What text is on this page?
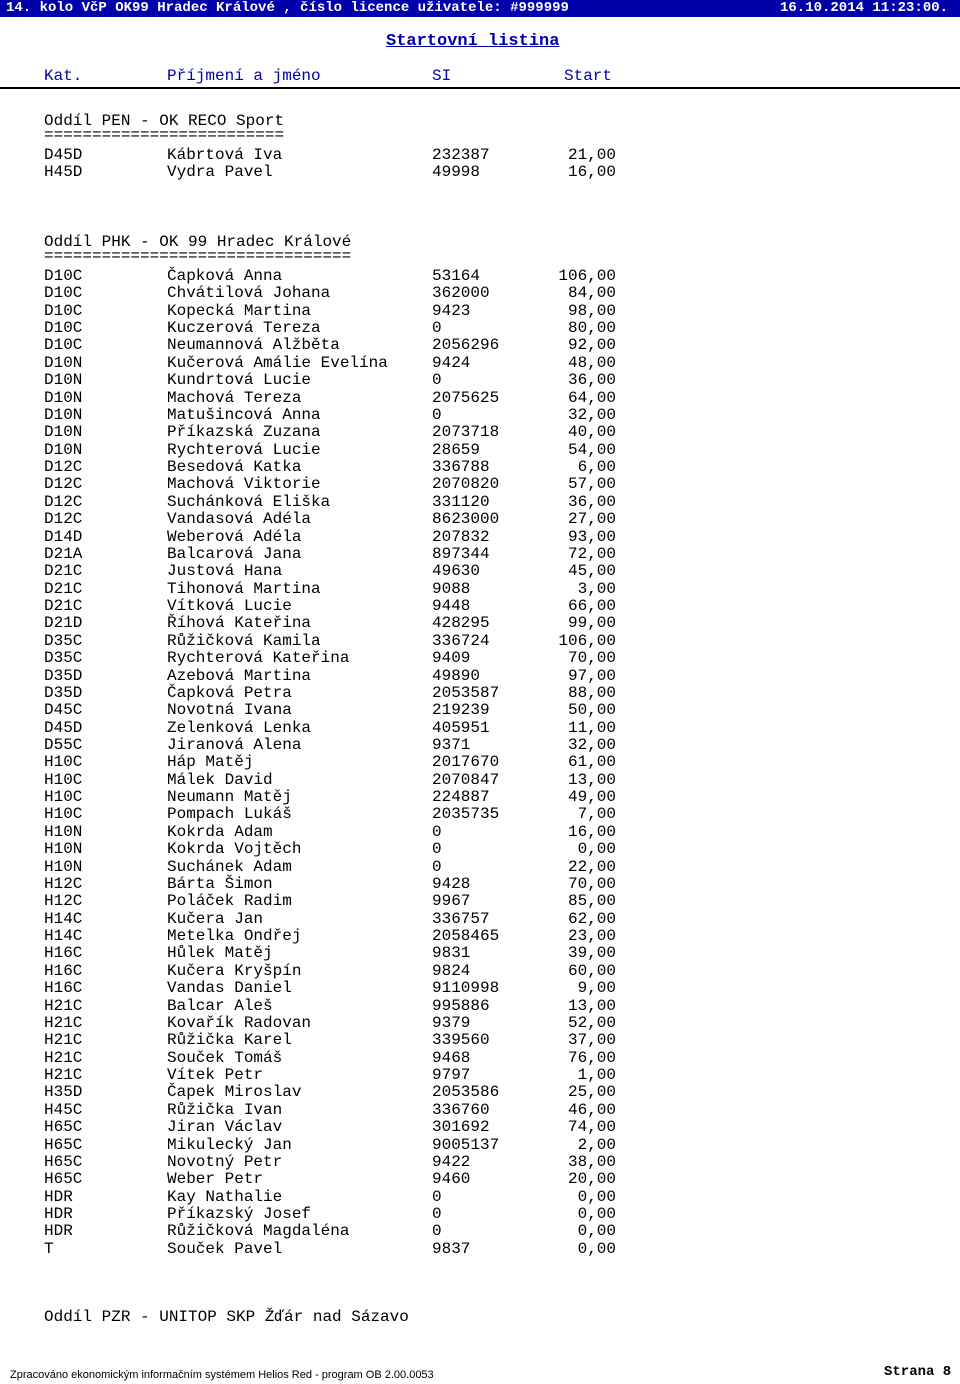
14. kolo VčP OK99 Hradec Králové , číslo licence uživatele: #999999	16.10.2014 11:23:00.
Startovní listina
Kat.	Příjmení a jméno	SI	Start
Oddíl PEN - OK RECO Sport
=========================
D45D	Kábrtová Iva	232387	21,00
H45D	Vydra Pavel	49998	16,00
Oddíl PHK - OK 99 Hradec Králové
================================
D10C	Čapková Anna	53164	106,00
D10C	Chvátilová Johana	362000	84,00
D10C	Kopecká Martina	9423	98,00
D10C	Kuczerová Tereza	0	80,00
D10C	Neumannová Alžběta	2056296	92,00
D10N	Kučerová Amálie Evelína	9424	48,00
D10N	Kundrtová Lucie	0	36,00
D10N	Machová Tereza	2075625	64,00
D10N	Matušincová Anna	0	32,00
D10N	Příkazská Zuzana	2073718	40,00
D10N	Rychterová Lucie	28659	54,00
D12C	Besedová Katka	336788	6,00
D12C	Machová Viktorie	2070820	57,00
D12C	Suchánková Eliška	331120	36,00
D12C	Vandasová Adéla	8623000	27,00
D14D	Weberová Adéla	207832	93,00
D21A	Balcarová Jana	897344	72,00
D21C	Justová Hana	49630	45,00
D21C	Tihonová Martina	9088	3,00
D21C	Vítková Lucie	9448	66,00
D21D	Říhová Kateřina	428295	99,00
D35C	Růžičková Kamila	336724	106,00
D35C	Rychterová Kateřina	9409	70,00
D35D	Azebová Martina	49890	97,00
D35D	Čapková Petra	2053587	88,00
D45C	Novotná Ivana	219239	50,00
D45D	Zelenková Lenka	405951	11,00
D55C	Jiranová Alena	9371	32,00
H10C	Háp Matěj	2017670	61,00
H10C	Málek David	2070847	13,00
H10C	Neumann Matěj	224887	49,00
H10C	Pompach Lukáš	2035735	7,00
H10N	Kokrda Adam	0	16,00
H10N	Kokrda Vojtěch	0	0,00
H10N	Suchánek Adam	0	22,00
H12C	Bárta Šimon	9428	70,00
H12C	Poláček Radim	9967	85,00
H14C	Kučera Jan	336757	62,00
H14C	Metelka Ondřej	2058465	23,00
H16C	Hůlek Matěj	9831	39,00
H16C	Kučera Kryšpín	9824	60,00
H16C	Vandas Daniel	9110998	9,00
H21C	Balcar Aleš	995886	13,00
H21C	Kovařík Radovan	9379	52,00
H21C	Růžička Karel	339560	37,00
H21C	Souček Tomáš	9468	76,00
H21C	Vítek Petr	9797	1,00
H35D	Čapek Miroslav	2053586	25,00
H45C	Růžička Ivan	336760	46,00
H65C	Jiran Václav	301692	74,00
H65C	Mikulecký Jan	9005137	2,00
H65C	Novotný Petr	9422	38,00
H65C	Weber Petr	9460	20,00
HDR	Kay Nathalie	0	0,00
HDR	Příkazský Josef	0	0,00
HDR	Růžičková Magdaléna	0	0,00
T	Souček Pavel	9837	0,00
Oddíl PZR - UNITOP SKP Žďár nad Sázavo
Zpracováno ekonomickým informačním systémem Helios Red - program OB 2.00.0053	Strana 8
